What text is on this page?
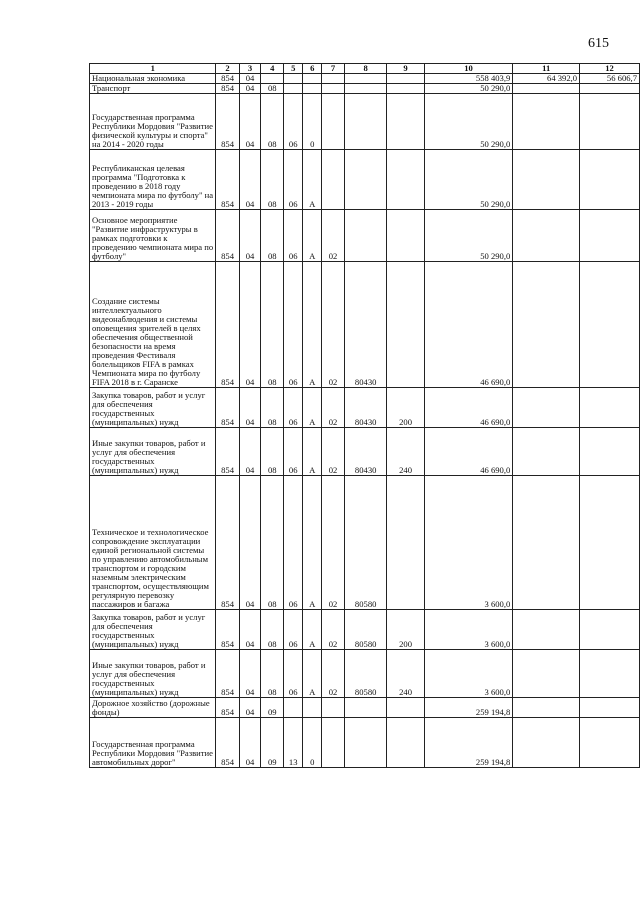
615
1	2	3	4	5	6	7	8	9	10	11	12
Национальная экономика	854	04							558 403,9	64 392,0	56 606,7
Транспорт	854	04	08						50 290,0		
Государственная программа Республики Мордовия "Развитие физической культуры и спорта" на 2014 - 2020 годы	854	04	08	06	0				50 290,0		
Республиканская целевая программа "Подготовка к проведению в 2018 году чемпионата мира по футболу" на 2013 - 2019 годы	854	04	08	06	А				50 290,0		
Основное мероприятие "Развитие инфраструктуры в рамках подготовки к проведению чемпионата мира по футболу"	854	04	08	06	А	02			50 290,0		
Создание системы интеллектуального видеонаблюдения и системы оповещения зрителей в целях обеспечения общественной безопасности на время проведения Фестиваля болельщиков FIFA в рамках Чемпионата мира по футболу FIFA 2018 в г. Саранске	854	04	08	06	А	02	80430		46 690,0		
Закупка товаров, работ и услуг для обеспечения государственных (муниципальных) нужд	854	04	08	06	А	02	80430	200	46 690,0		
Иные закупки товаров, работ и услуг для обеспечения государственных (муниципальных) нужд	854	04	08	06	А	02	80430	240	46 690,0		
Техническое и технологическое сопровождение эксплуатации единой региональной системы по управлению автомобильным транспортом и городским наземным электрическим транспортом, осуществляющим регулярную перевозку пассажиров и багажа	854	04	08	06	А	02	80580		3 600,0		
Закупка товаров, работ и услуг для обеспечения государственных (муниципальных) нужд	854	04	08	06	А	02	80580	200	3 600,0		
Иные закупки товаров, работ и услуг для обеспечения государственных (муниципальных) нужд	854	04	08	06	А	02	80580	240	3 600,0		
Дорожное хозяйство (дорожные фонды)	854	04	09						259 194,8		
Государственная программа Республики Мордовия "Развитие автомобильных дорог"	854	04	09	13	0				259 194,8		
